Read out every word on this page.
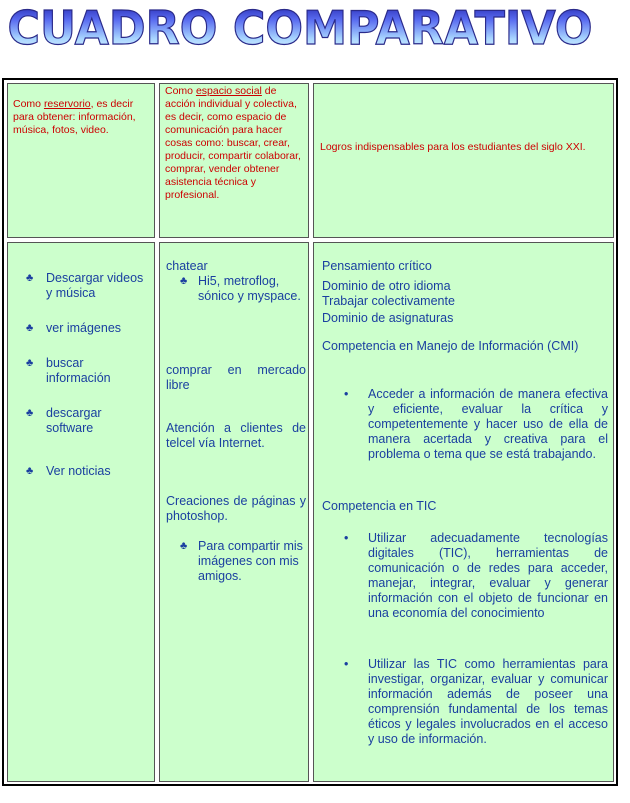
CUADRO COMPARATIVO
Como reservorio, es decir para obtener: información, música, fotos, video.
Como espacio social de acción individual y colectiva, es decir, como espacio de comunicación para hacer cosas como: buscar, crear, producir, compartir colaborar, comprar, vender obtener asistencia técnica y profesional.
Logros indispensables para los estudiantes del siglo XXI.
♣ Descargar videos y música
♣ ver imágenes
♣ buscar información
♣ descargar software
♣ Ver noticias
chatear
♣ Hi5, metroflog, sónico y myspace.
comprar en mercado libre
Atención a clientes de telcel vía Internet.
Creaciones de páginas y photoshop.
♣ Para compartir mis imágenes con mis amigos.
Pensamiento crítico
Dominio de otro idioma
Trabajar colectivamente
Dominio de asignaturas
Competencia en Manejo de Información (CMI)
• Acceder a información de manera efectiva y eficiente, evaluar la crítica y competentemente y hacer uso de ella de manera acertada y creativa para el problema o tema que se está trabajando.
Competencia en TIC
• Utilizar adecuadamente tecnologías digitales (TIC), herramientas de comunicación o de redes para acceder, manejar, integrar, evaluar y generar información con el objeto de funcionar en una economía del conocimiento
• Utilizar las TIC como herramientas para investigar, organizar, evaluar y comunicar información además de poseer una comprensión fundamental de los temas éticos y legales involucrados en el acceso y uso de información.
